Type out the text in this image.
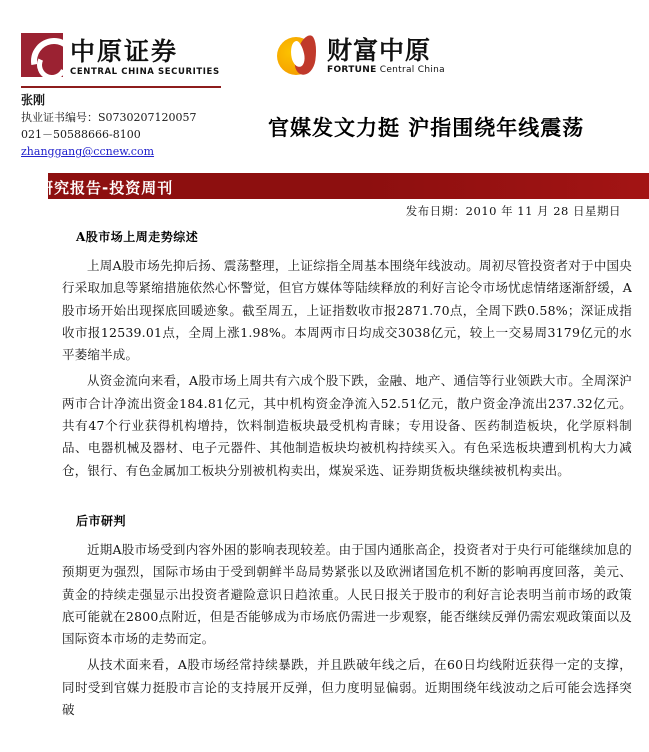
中原证券
CENTRAL CHINA SECURITIES
财富中原
FORTUNE Central China
张刚
执业证书编号：S0730207120057
021－50588666-8100
zhanggang@ccnew.com
官媒发文力挺 沪指围绕年线震荡
研究报告-投资周刊
发布日期：2010 年 11 月 28 日星期日
A股市场上周走势综述

上周A股市场先抑后扬、震荡整理，上证综指全周基本围绕年线波动。周初尽管投资者对于中国央行采取加息等紧缩措施依然心怀警觉，但官方媒体等陆续释放的利好言论令市场忧虑情绪逐渐舒缓，A股市场开始出现探底回暖迹象。截至周五，上证指数收市报2871.70点，全周下跌0.58%；深证成指收市报12539.01点，全周上涨1.98%。本周两市日均成交3038亿元，较上一交易周3179亿元的水平萎缩半成。

从资金流向来看，A股市场上周共有六成个股下跌，金融、地产、通信等行业领跌大市。全周深沪两市合计净流出资金184.81亿元，其中机构资金净流入52.51亿元，散户资金净流出237.32亿元。共有47个行业获得机构增持，饮料制造板块最受机构青睐；专用设备、医药制造板块，化学原料制品、电器机械及器材、电子元器件、其他制造板块均被机构持续买入。有色采选板块遭到机构大力减仓，银行、有色金属加工板块分别被机构卖出，煤炭采选、证券期货板块继续被机构卖出。

后市研判

近期A股市场受到内容外困的影响表现较差。由于国内通胀高企，投资者对于央行可能继续加息的预期更为强烈，国际市场由于受到朝鲜半岛局势紧张以及欧洲诸国危机不断的影响再度回落，美元、黄金的持续走强显示出投资者避险意识日趋浓重。人民日报关于股市的利好言论表明当前市场的政策底可能就在2800点附近，但是否能够成为市场底仍需进一步观察，能否继续反弹仍需宏观政策面以及国际资本市场的走势而定。

从技术面来看，A股市场经常持续暴跌，并且跌破年线之后，在60日均线附近获得一定的支撑，同时受到官媒力挺股市言论的支持展开反弹，但力度明显偏弱。近期围绕年线波动之后可能会选择突破
